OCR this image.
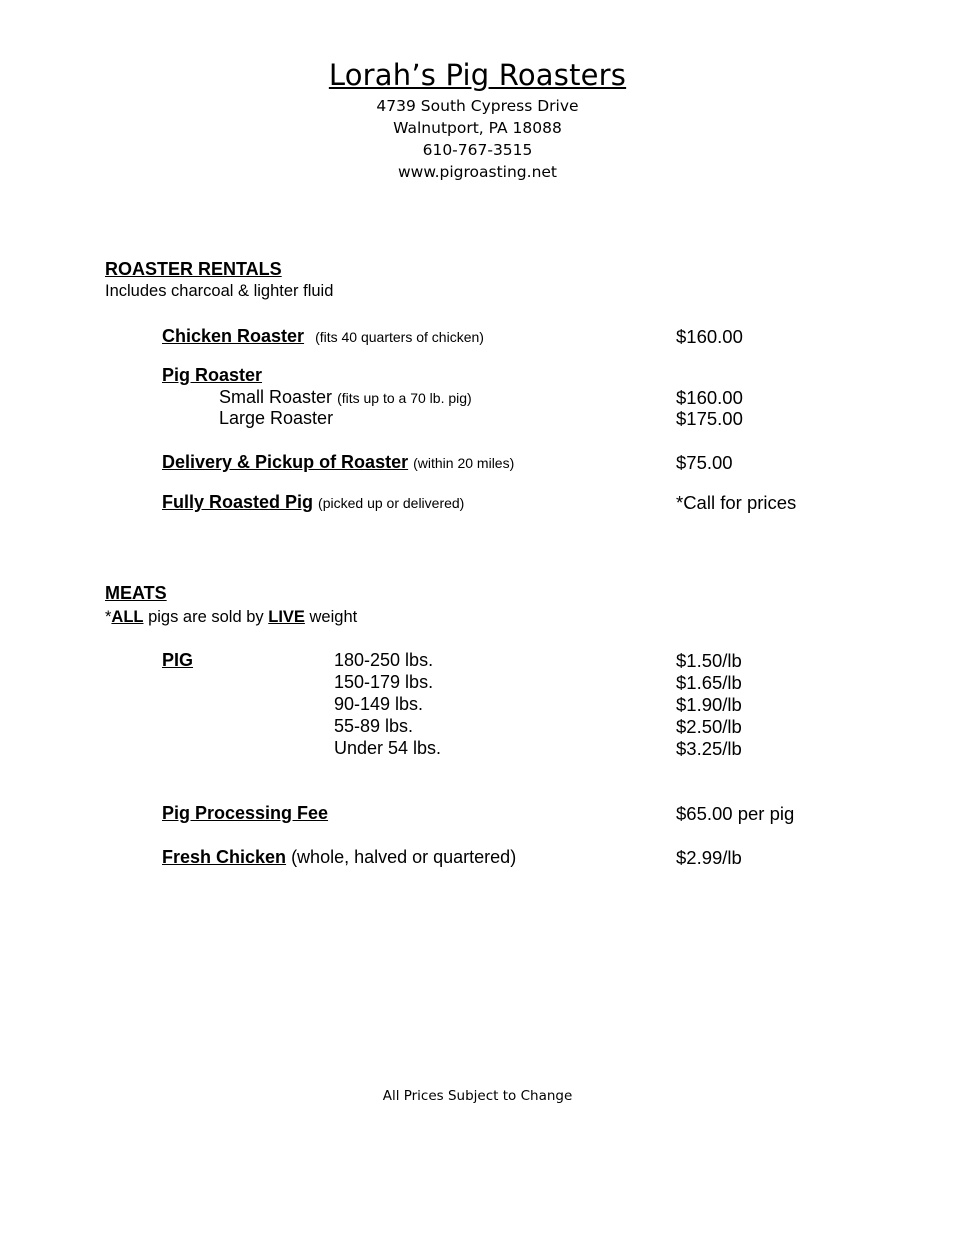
Lorah’s Pig Roasters
4739 South Cypress Drive
Walnutport, PA 18088
610-767-3515
www.pigroasting.net
ROASTER RENTALS
Includes charcoal & lighter fluid
Chicken Roaster (fits 40 quarters of chicken)	$160.00
Pig Roaster
Small Roaster (fits up to a 70 lb. pig)	$160.00
Large Roaster	$175.00
Delivery & Pickup of Roaster (within 20 miles)	$75.00
Fully Roasted Pig (picked up or delivered)	*Call for prices
MEATS
*ALL pigs are sold by LIVE weight
PIG	180-250 lbs.	$1.50/lb
150-179 lbs.	$1.65/lb
90-149 lbs.	$1.90/lb
55-89 lbs.	$2.50/lb
Under 54 lbs.	$3.25/lb
Pig Processing Fee	$65.00 per pig
Fresh Chicken (whole, halved or quartered)	$2.99/lb
All Prices Subject to Change
